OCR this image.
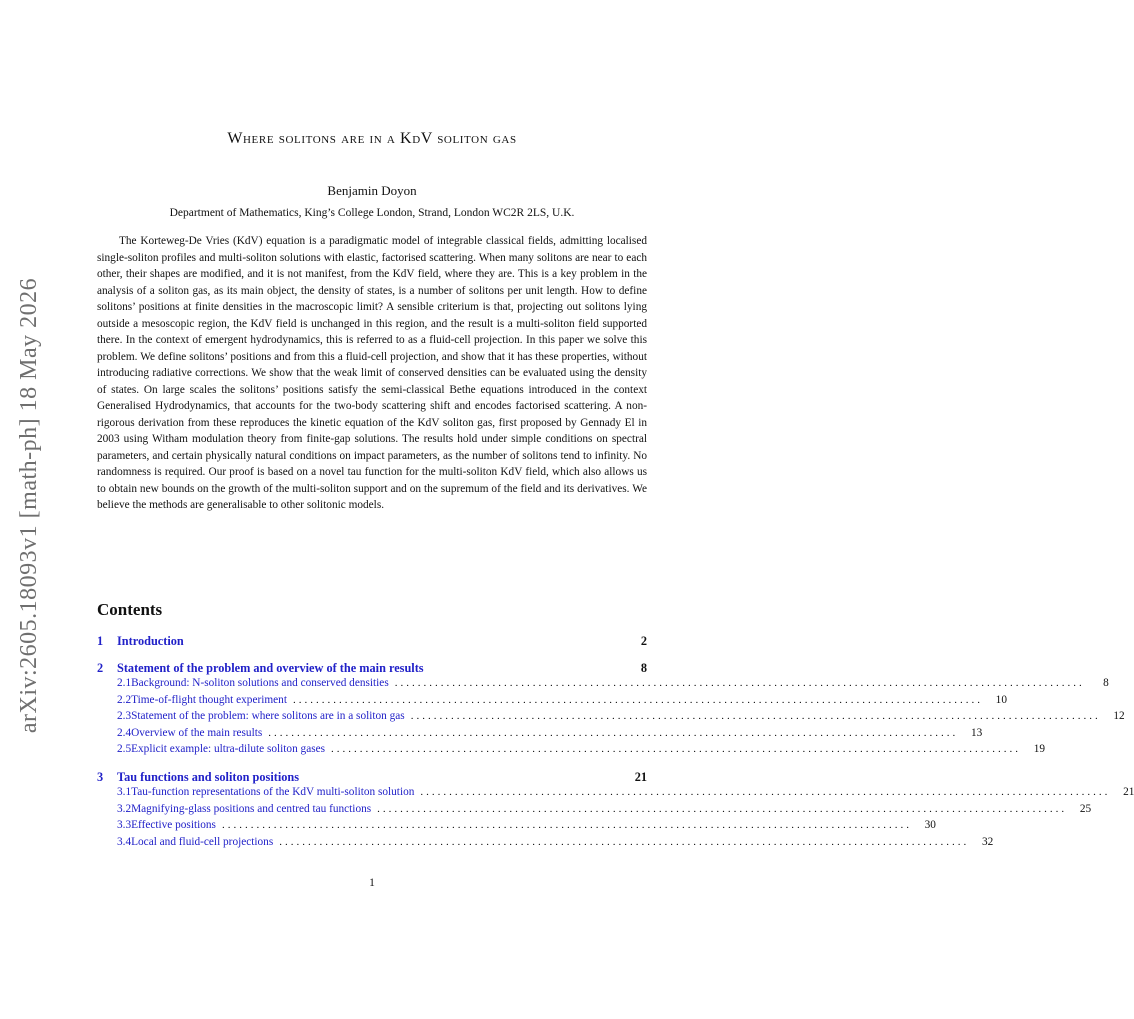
arXiv:2605.18093v1 [math-ph] 18 May 2026
Where solitons are in a KdV soliton gas
Benjamin Doyon
Department of Mathematics, King’s College London, Strand, London WC2R 2LS, U.K.

The Korteweg-De Vries (KdV) equation is a paradigmatic model of integrable classical fields, admitting localised single-soliton profiles and multi-soliton solutions with elastic, factorised scattering. When many solitons are near to each other, their shapes are modified, and it is not manifest, from the KdV field, where they are. This is a key problem in the analysis of a soliton gas, as its main object, the density of states, is a number of solitons per unit length. How to define solitons’ positions at finite densities in the macroscopic limit? A sensible criterium is that, projecting out solitons lying outside a mesoscopic region, the KdV field is unchanged in this region, and the result is a multi-soliton field supported there. In the context of emergent hydrodynamics, this is referred to as a fluid-cell projection. In this paper we solve this problem. We define solitons’ positions and from this a fluid-cell projection, and show that it has these properties, without introducing radiative corrections. We show that the weak limit of conserved densities can be evaluated using the density of states. On large scales the solitons’ positions satisfy the semi-classical Bethe equations introduced in the context Generalised Hydrodynamics, that accounts for the two-body scattering shift and encodes factorised scattering. A non-rigorous derivation from these reproduces the kinetic equation of the KdV soliton gas, first proposed by Gennady El in 2003 using Witham modulation theory from finite-gap solutions. The results hold under simple conditions on spectral parameters, and certain physically natural conditions on impact parameters, as the number of solitons tend to infinity. No randomness is required. Our proof is based on a novel tau function for the multi-soliton KdV field, which also allows us to obtain new bounds on the growth of the multi-soliton support and on the supremum of the field and its derivatives. We believe the methods are generalisable to other solitonic models.

Contents
1	Introduction	2
2	Statement of the problem and overview of the main results	8
2.1 Background: N-soliton solutions and conserved densities ........................................................................................................................	8
2.2 Time-of-flight thought experiment ........................................................................................................................	10
2.3 Statement of the problem: where solitons are in a soliton gas ........................................................................................................................	12
2.4 Overview of the main results ........................................................................................................................	13
2.5 Explicit example: ultra-dilute soliton gases ........................................................................................................................	19
3	Tau functions and soliton positions	21
3.1 Tau-function representations of the KdV multi-soliton solution ........................................................................................................................	21
3.2 Magnifying-glass positions and centred tau functions ........................................................................................................................	25
3.3 Effective positions ........................................................................................................................	30
3.4 Local and fluid-cell projections ........................................................................................................................	32
1
